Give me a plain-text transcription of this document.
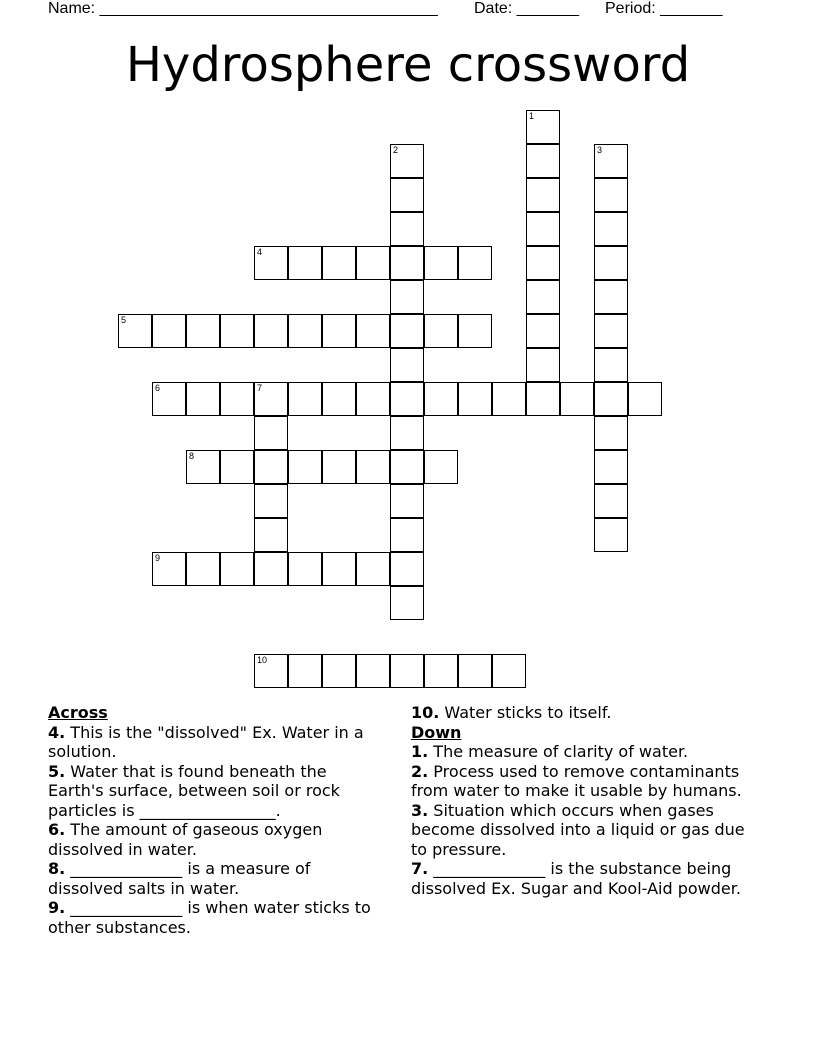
Name: ______________________________________ Date: _______ Period: _______
Hydrosphere crossword
1
2	3
4
5
6	7
8
9
10
Across
4. This is the "dissolved" Ex. Water in a solution.
5. Water that is found beneath the Earth's surface, between soil or rock particles is _________________.
6. The amount of gaseous oxygen dissolved in water.
8. ______________ is a measure of dissolved salts in water.
9. ______________ is when water sticks to other substances.
10. Water sticks to itself.
Down
1. The measure of clarity of water.
2. Process used to remove contaminants from water to make it usable by humans.
3. Situation which occurs when gases become dissolved into a liquid or gas due to pressure.
7. ______________ is the substance being dissolved Ex. Sugar and Kool-Aid powder.
